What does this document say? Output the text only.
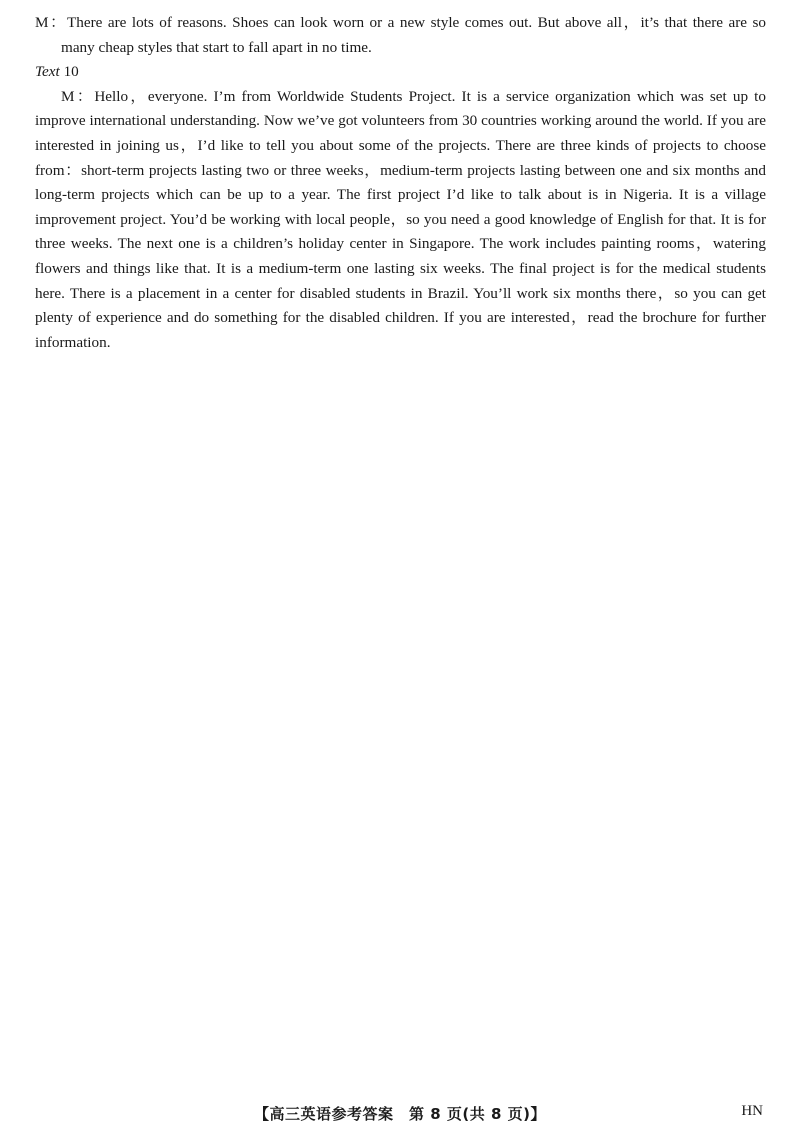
M：There are lots of reasons. Shoes can look worn or a new style comes out. But above all，it’s that there are so
many cheap styles that start to fall apart in no time.
Text 10

M：Hello，everyone. I’m from Worldwide Students Project. It is a service organization which was set up to improve international understanding. Now we’ve got volunteers from 30 countries working around the world. If you are interested in joining us，I’d like to tell you about some of the projects. There are three kinds of projects to choose from：short-term projects lasting two or three weeks，medium-term projects lasting between one and six months and long-term projects which can be up to a year. The first project I’d like to talk about is in Nigeria. It is a village improvement project. You’d be working with local people，so you need a good knowledge of English for that. It is for three weeks. The next one is a children’s holiday center in Singapore. The work includes painting rooms，watering flowers and things like that. It is a medium-term one lasting six weeks. The final project is for the medical students here. There is a placement in a center for disabled students in Brazil. You’ll work six months there，so you can get plenty of experience and do something for the disabled children. If you are interested，read the brochure for further information.

【高三英语参考答案　第 8 页(共 8 页)】	HN
